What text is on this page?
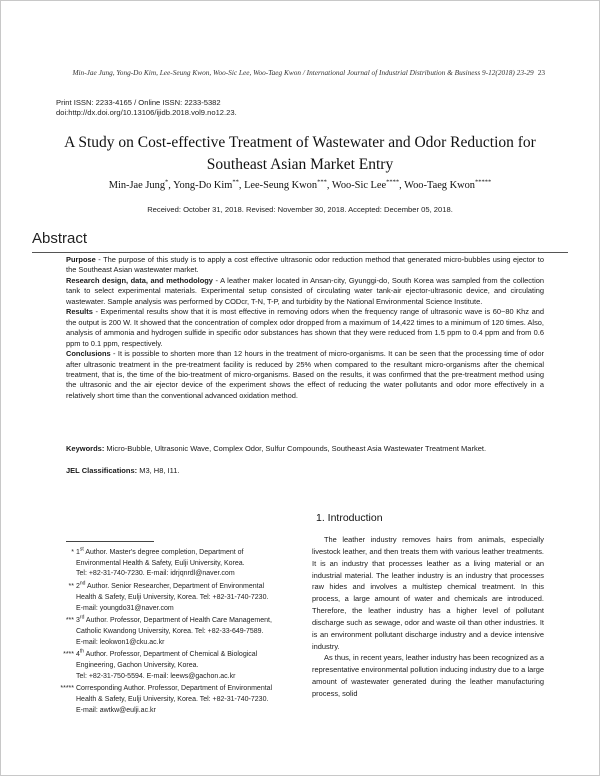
Min-Jae Jung, Yong-Do Kim, Lee-Seung Kwon, Woo-Sic Lee, Woo-Taeg Kwon / International Journal of Industrial Distribution & Business 9-12(2018) 23-29 23
Print ISSN: 2233-4165 / Online ISSN: 2233-5382
doi:http://dx.doi.org/10.13106/ijidb.2018.vol9.no12.23.
A Study on Cost-effective Treatment of Wastewater and Odor Reduction for
Southeast Asian Market Entry
Min-Jae Jung*, Yong-Do Kim**, Lee-Seung Kwon***, Woo-Sic Lee****, Woo-Taeg Kwon*****
Received: October 31, 2018. Revised: November 30, 2018. Accepted: December 05, 2018.
Abstract

Purpose - The purpose of this study is to apply a cost effective ultrasonic odor reduction method that generated micro-bubbles using ejector to the Southeast Asian wastewater market.

Research design, data, and methodology - A leather maker located in Ansan-city, Gyunggi-do, South Korea was sampled from the collection tank to select experimental materials. Experimental setup consisted of circulating water tank-air ejector-ultrasonic device, and circulating wastewater. Sample analysis was performed by CODcr, T-N, T-P, and turbidity by the National Environmental Science Institute.

Results - Experimental results show that it is most effective in removing odors when the frequency range of ultrasonic wave is 60~80 Khz and the output is 200 W. It showed that the concentration of complex odor dropped from a maximum of 14,422 times to a minimum of 120 times. Also, analysis of ammonia and hydrogen sulfide in specific odor substances has shown that they were reduced from 1.5 ppm to 0.4 ppm and from 0.6 ppm to 0.1 ppm, respectively.

Conclusions - It is possible to shorten more than 12 hours in the treatment of micro-organisms. It can be seen that the processing time of odor after ultrasonic treatment in the pre-treatment facility is reduced by 25% when compared to the resultant micro-organisms after the chemical treatment, that is, the time of the bio-treatment of micro-organisms. Based on the results, it was confirmed that the pre-treatment method using the ultrasonic and the air ejector device of the experiment shows the effect of reducing the water pollutants and odor more effectively in a relatively short time than the conventional advanced oxidation method.

Keywords: Micro-Bubble, Ultrasonic Wave, Complex Odor, Sulfur Compounds, Southeast Asia Wastewater Treatment Market.
JEL Classifications: M3, H8, I11.
1. Introduction

The leather industry removes hairs from animals, especially livestock leather, and then treats them with various leather treatments. It is an industry that processes leather as a living material or an industrial material. The leather industry is an industry that processes raw hides and involves a multistep chemical treatment. In this process, a large amount of water and chemicals are introduced. Therefore, the leather industry has a higher level of pollutant discharge such as sewage, odor and waste oil than other industries. It is an environment pollutant discharge industry and a device intensive industry.

As thus, in recent years, leather industry has been recognized as a representative environmental pollution inducing industry due to a large amount of wastewater generated during the leather manufacturing process, solid

* 1st Author. Master's degree completion, Department of
Environmental Health & Safety, Eulji University, Korea.
Tel: +82-31-740-7230. E-mail: idrjqnrdl@naver.com
** 2nd Author. Senior Researcher, Department of Environmental
Health & Safety, Eulji University, Korea. Tel: +82-31-740-7230.
E-mail: youngdo31@naver.com
*** 3rd Author. Professor, Department of Health Care Management,
Catholic Kwandong University, Korea. Tel: +82-33-649-7589.
E-mail: leokwon1@cku.ac.kr
**** 4th Author. Professor, Department of Chemical & Biological
Engineering, Gachon University, Korea.
Tel: +82-31-750-5594. E-mail: leews@gachon.ac.kr
***** Corresponding Author. Professor, Department of Environmental
Health & Safety, Eulji University, Korea. Tel: +82-31-740-7230.
E-mail: awtkw@eulji.ac.kr
